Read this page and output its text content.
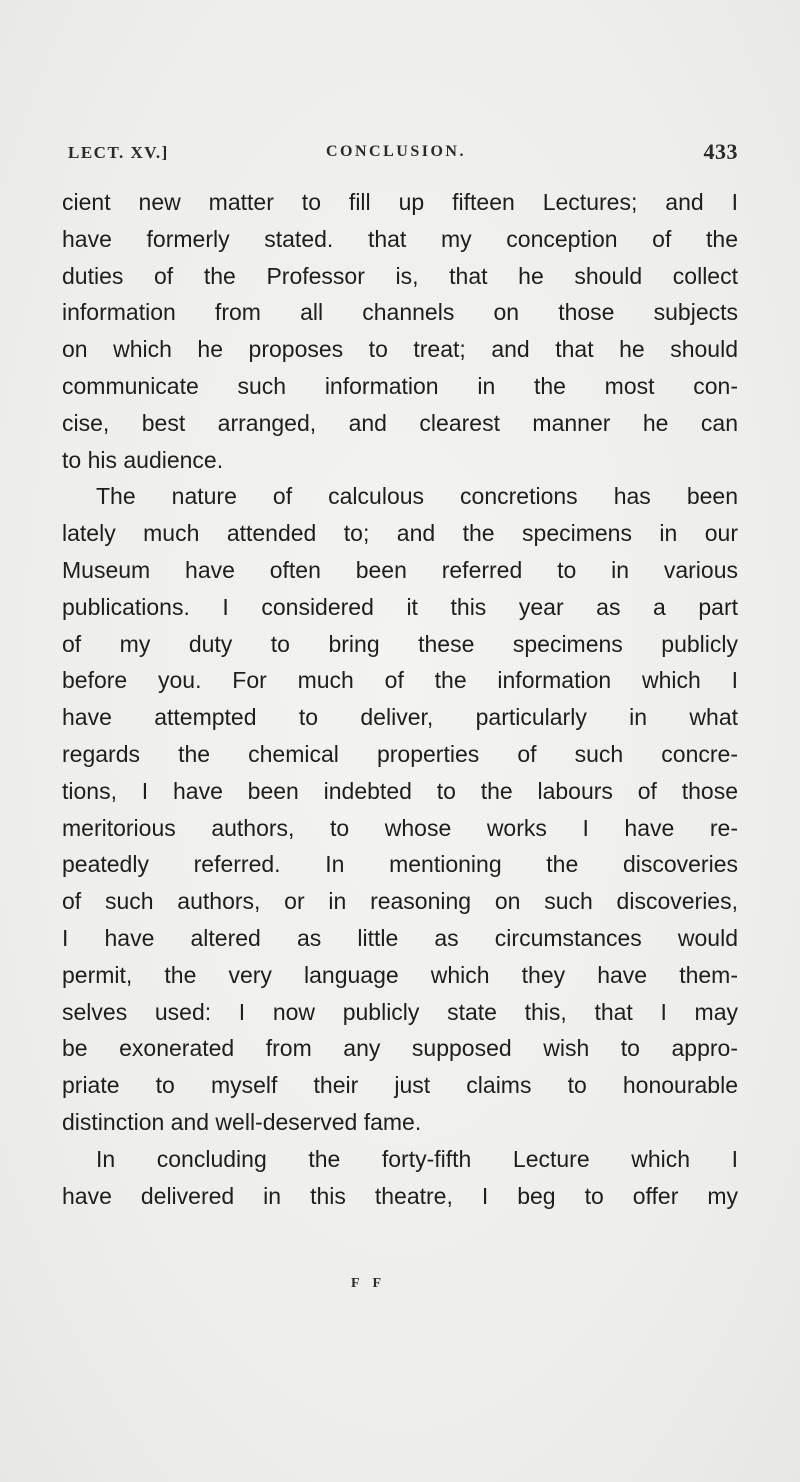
LECT. XV.]	CONCLUSION.	433
cient new matter to fill up fifteen Lectures; and I
have formerly stated. that my conception of the
duties of the Professor is, that he should collect
information from all channels on those subjects
on which he proposes to treat; and that he should
communicate such information in the most con-
cise, best arranged, and clearest manner he can
to his audience.
The nature of calculous concretions has been
lately much attended to; and the specimens in our
Museum have often been referred to in various
publications. I considered it this year as a part
of my duty to bring these specimens publicly
before you. For much of the information which I
have attempted to deliver, particularly in what
regards the chemical properties of such concre-
tions, I have been indebted to the labours of those
meritorious authors, to whose works I have re-
peatedly referred. In mentioning the discoveries
of such authors, or in reasoning on such discoveries,
I have altered as little as circumstances would
permit, the very language which they have them-
selves used: I now publicly state this, that I may
be exonerated from any supposed wish to appro-
priate to myself their just claims to honourable
distinction and well-deserved fame.
In concluding the forty-fifth Lecture which I
have delivered in this theatre, I beg to offer my
F F
